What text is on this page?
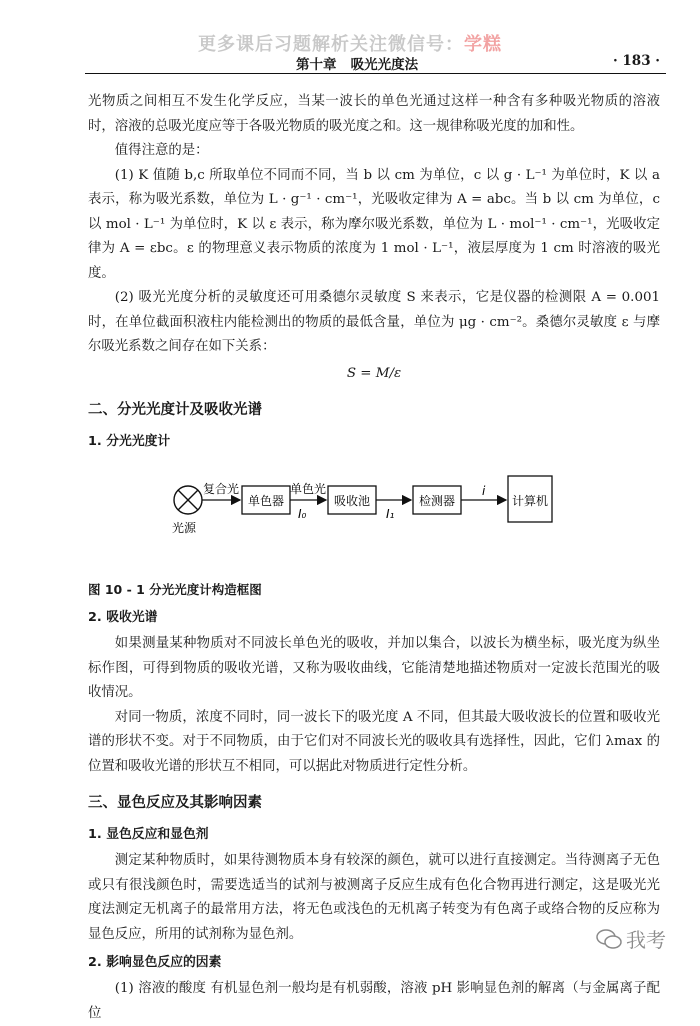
更多课后习题解析关注微信号：学糕
第十章   吸光光度法	· 183 ·

光物质之间相互不发生化学反应，当某一波长的单色光通过这样一种含有多种吸光物质的溶液时，溶液的总吸光度应等于各吸光物质的吸光度之和。这一规律称吸光度的加和性。

值得注意的是：

(1) K 值随 b,c 所取单位不同而不同，当 b 以 cm 为单位，c 以 g · L⁻¹ 为单位时，K 以 a 表示，称为吸光系数，单位为 L · g⁻¹ · cm⁻¹，光吸收定律为 A = abc。当 b 以 cm 为单位，c 以 mol · L⁻¹ 为单位时，K 以 ε 表示，称为摩尔吸光系数，单位为 L · mol⁻¹ · cm⁻¹，光吸收定律为 A = εbc。ε 的物理意义表示物质的浓度为 1 mol · L⁻¹，液层厚度为 1 cm 时溶液的吸光度。

(2) 吸光光度分析的灵敏度还可用桑德尔灵敏度 S 来表示，它是仪器的检测限 A = 0.001 时，在单位截面积液柱内能检测出的物质的最低含量，单位为 μg · cm⁻²。桑德尔灵敏度 ε 与摩尔吸光系数之间存在如下关系：

S = M/ε

二、分光光度计及吸收光谱
1. 分光光度计
光源
复合光
单色器
单色光
I₀
吸收池
I₁
检测器
i
计算机

图 10 - 1 分光光度计构造框图

2. 吸收光谱

如果测量某种物质对不同波长单色光的吸收，并加以集合，以波长为横坐标，吸光度为纵坐标作图，可得到物质的吸收光谱，又称为吸收曲线，它能清楚地描述物质对一定波长范围光的吸收情况。

对同一物质，浓度不同时，同一波长下的吸光度 A 不同，但其最大吸收波长的位置和吸收光谱的形状不变。对于不同物质，由于它们对不同波长光的吸收具有选择性，因此，它们 λmax 的位置和吸收光谱的形状互不相同，可以据此对物质进行定性分析。

三、显色反应及其影响因素
1. 显色反应和显色剂

测定某种物质时，如果待测物质本身有较深的颜色，就可以进行直接测定。当待测离子无色或只有很浅颜色时，需要选适当的试剂与被测离子反应生成有色化合物再进行测定，这是吸光光度法测定无机离子的最常用方法，将无色或浅色的无机离子转变为有色离子或络合物的反应称为显色反应，所用的试剂称为显色剂。

2. 影响显色反应的因素

(1) 溶液的酸度 有机显色剂一般均是有机弱酸，溶液 pH 影响显色剂的解离（与金属离子配位

我考
